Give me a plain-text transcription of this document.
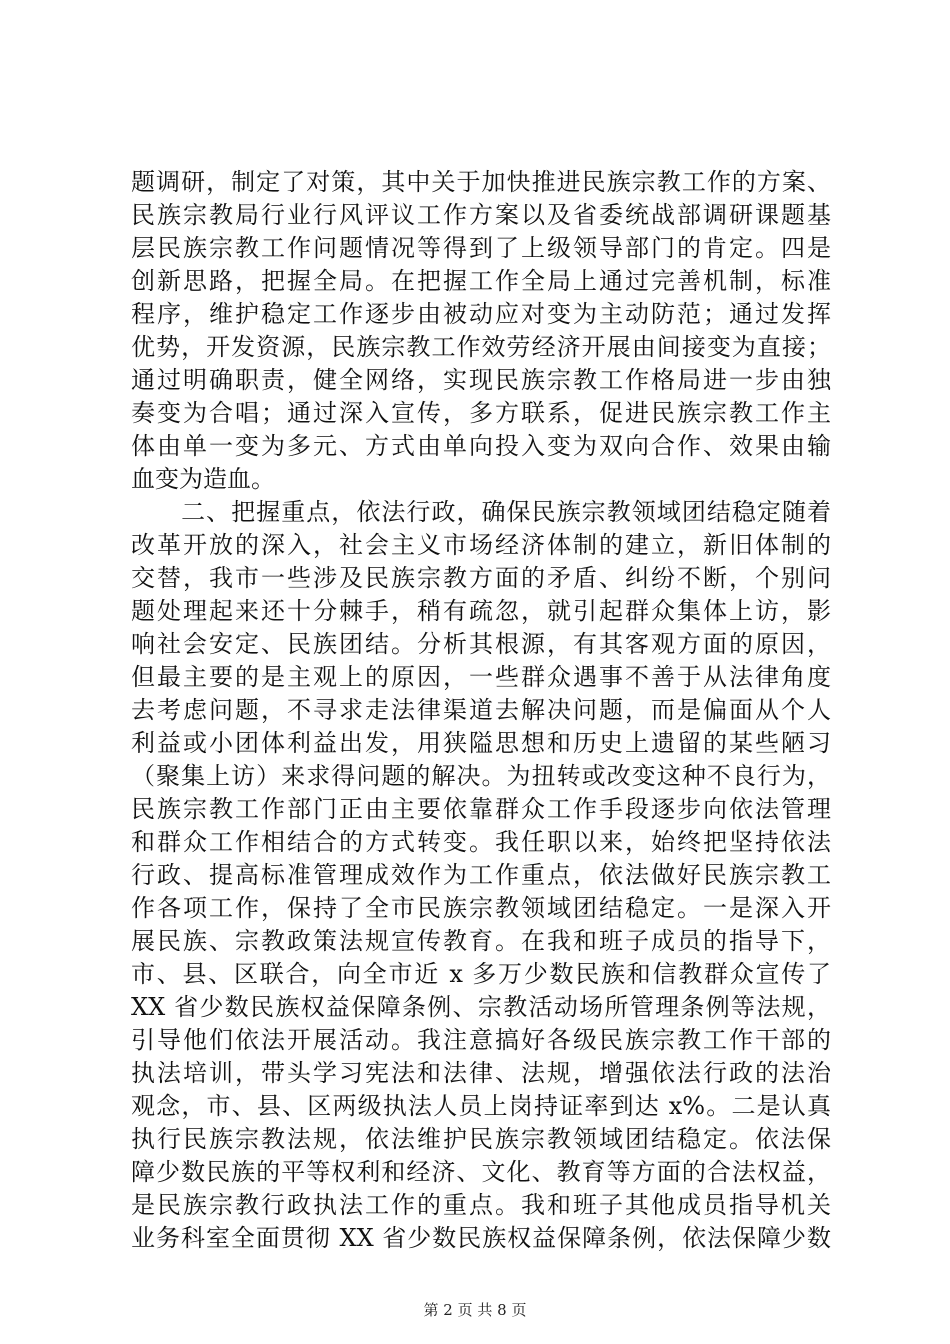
题调研，制定了对策，其中关于加快推进民族宗教工作的方案、
民族宗教局行业行风评议工作方案以及省委统战部调研课题基
层民族宗教工作问题情况等得到了上级领导部门的肯定。四是
创新思路，把握全局。在把握工作全局上通过完善机制，标准
程序，维护稳定工作逐步由被动应对变为主动防范；通过发挥
优势，开发资源，民族宗教工作效劳经济开展由间接变为直接；
通过明确职责，健全网络，实现民族宗教工作格局进一步由独
奏变为合唱；通过深入宣传，多方联系，促进民族宗教工作主
体由单一变为多元、方式由单向投入变为双向合作、效果由输
血变为造血。
　　二、把握重点，依法行政，确保民族宗教领域团结稳定随着
改革开放的深入，社会主义市场经济体制的建立，新旧体制的
交替，我市一些涉及民族宗教方面的矛盾、纠纷不断，个别问
题处理起来还十分棘手，稍有疏忽，就引起群众集体上访，影
响社会安定、民族团结。分析其根源，有其客观方面的原因，
但最主要的是主观上的原因，一些群众遇事不善于从法律角度
去考虑问题，不寻求走法律渠道去解决问题，而是偏面从个人
利益或小团体利益出发，用狭隘思想和历史上遗留的某些陋习
（聚集上访）来求得问题的解决。为扭转或改变这种不良行为，
民族宗教工作部门正由主要依靠群众工作手段逐步向依法管理
和群众工作相结合的方式转变。我任职以来，始终把坚持依法
行政、提高标准管理成效作为工作重点，依法做好民族宗教工
作各项工作，保持了全市民族宗教领域团结稳定。一是深入开
展民族、宗教政策法规宣传教育。在我和班子成员的指导下，
市、县、区联合，向全市近 x 多万少数民族和信教群众宣传了
XX 省少数民族权益保障条例、宗教活动场所管理条例等法规，
引导他们依法开展活动。我注意搞好各级民族宗教工作干部的
执法培训，带头学习宪法和法律、法规，增强依法行政的法治
观念，市、县、区两级执法人员上岗持证率到达 x%。二是认真
执行民族宗教法规，依法维护民族宗教领域团结稳定。依法保
障少数民族的平等权利和经济、文化、教育等方面的合法权益，
是民族宗教行政执法工作的重点。我和班子其他成员指导机关
业务科室全面贯彻 XX 省少数民族权益保障条例，依法保障少数
第 2 页 共 8 页
